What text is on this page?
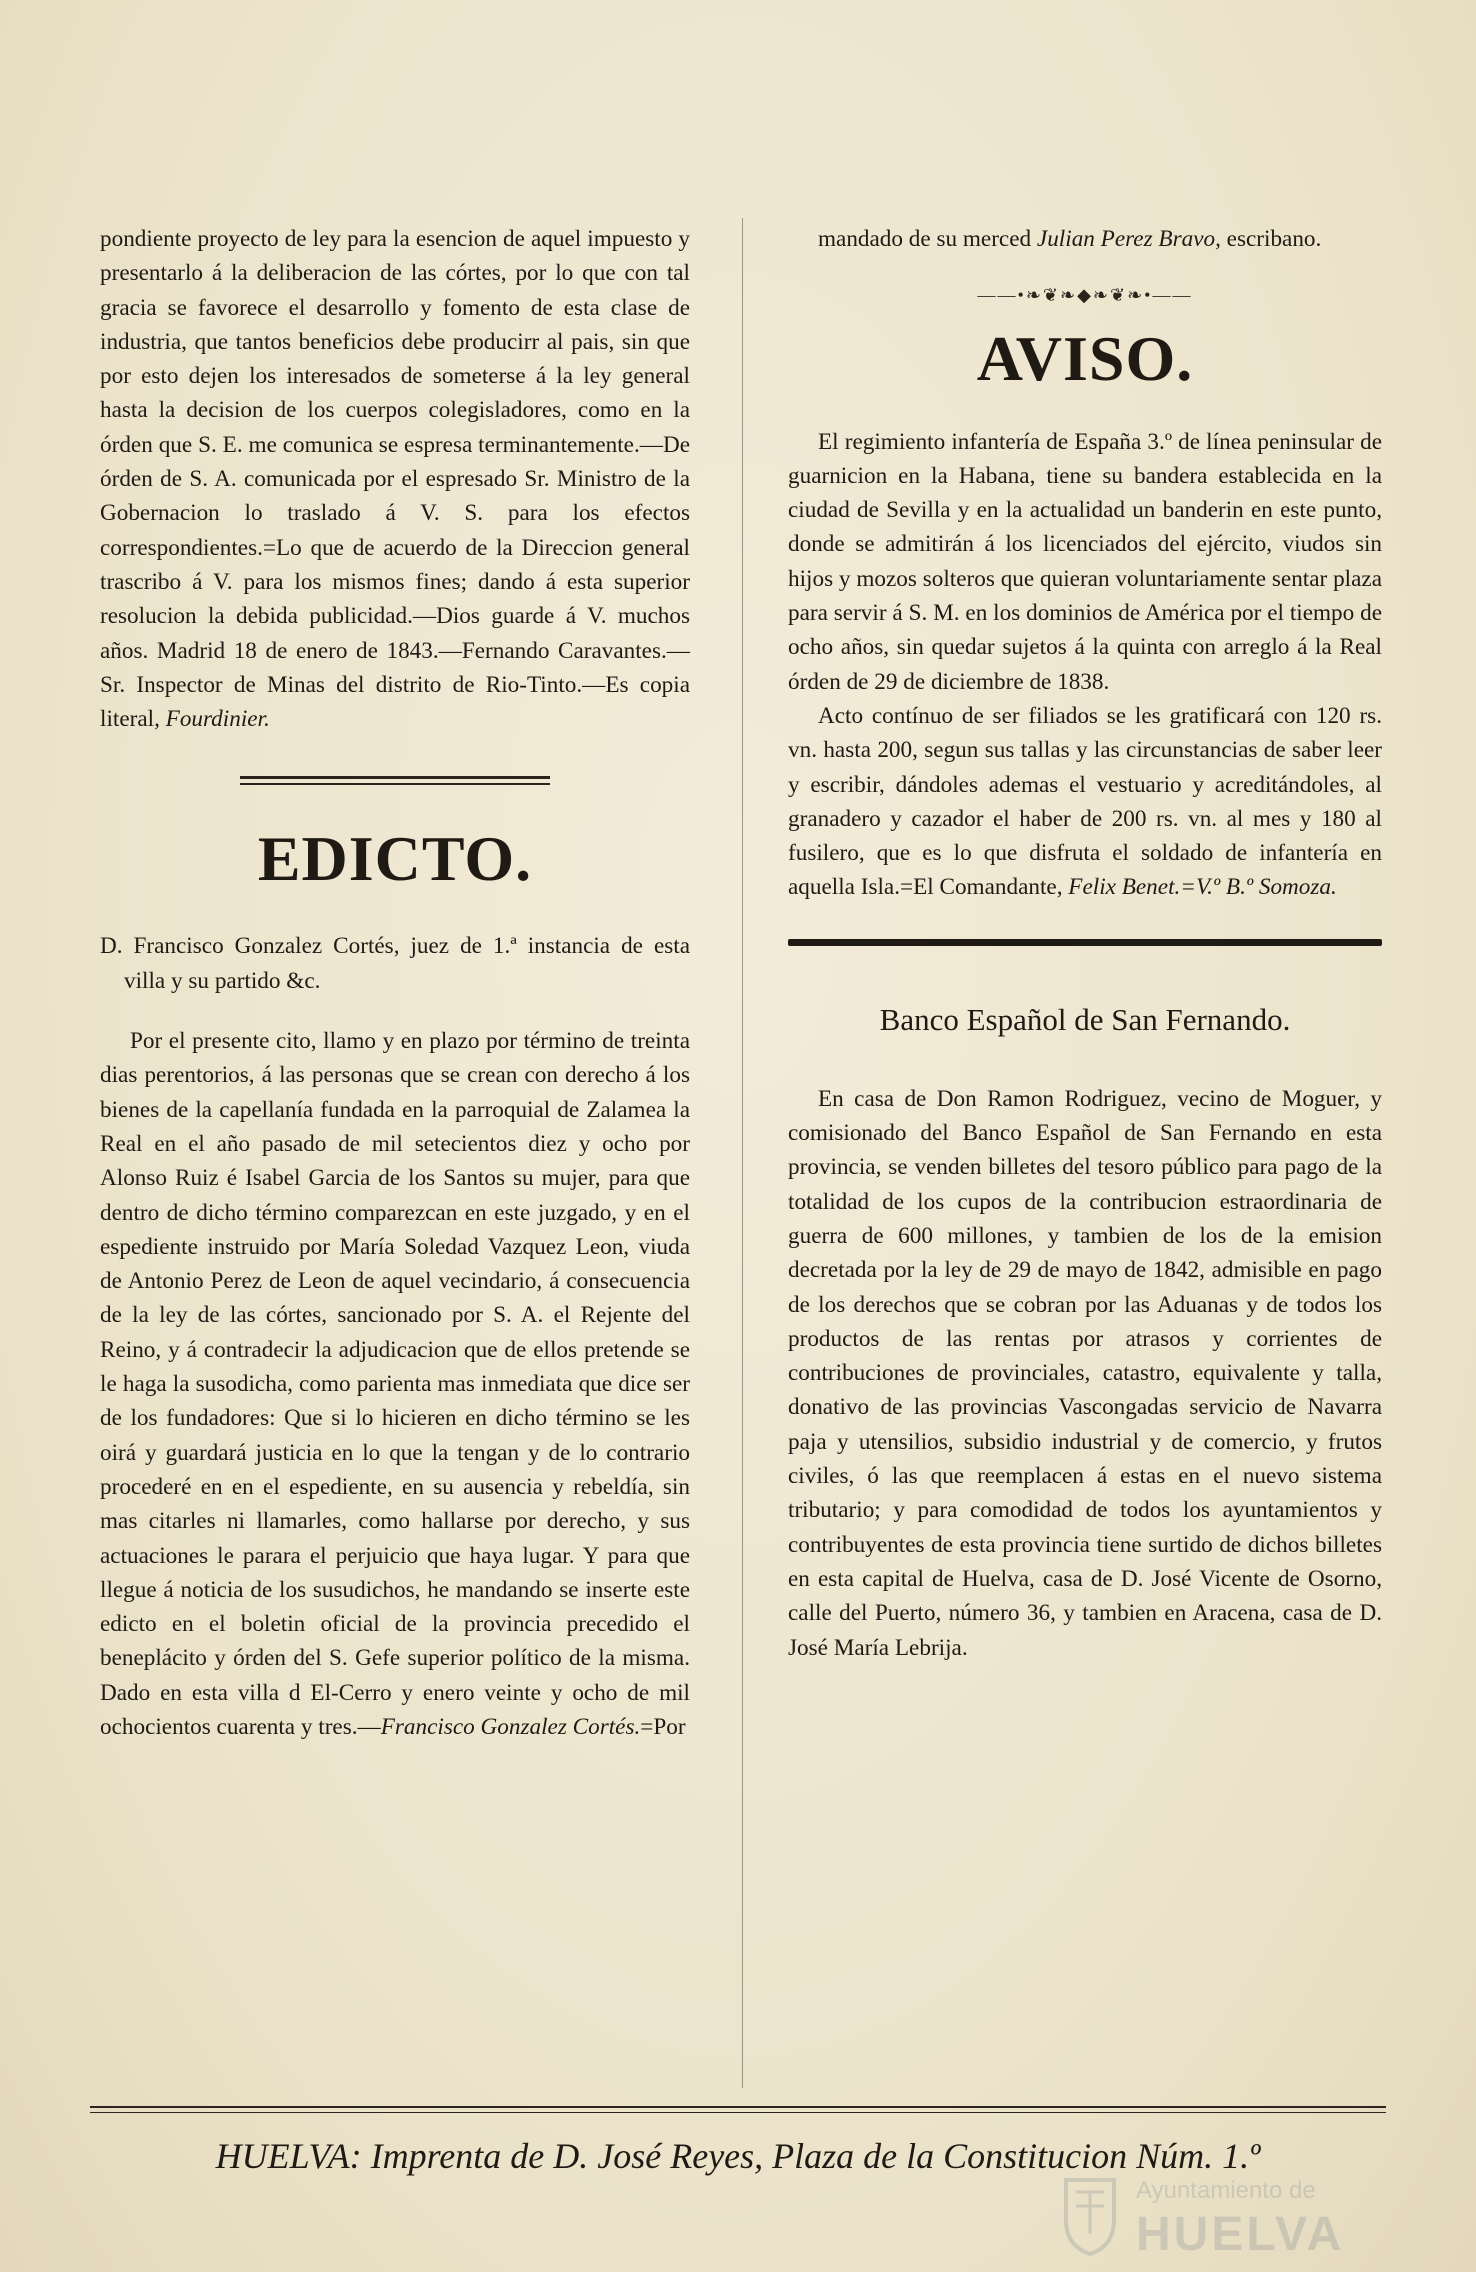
pondiente proyecto de ley para la esencion de aquel impuesto y presentarlo á la deliberacion de las córtes, por lo que con tal gracia se favorece el desarrollo y fomento de esta clase de industria, que tantos beneficios debe producirr al pais, sin que por esto dejen los interesados de someterse á la ley general hasta la decision de los cuerpos colegisladores, como en la órden que S. E. me comunica se espresa terminantemente.—De órden de S. A. comunicada por el espresado Sr. Ministro de la Gobernacion lo traslado á V. S. para los efectos correspondientes.=Lo que de acuerdo de la Direccion general trascribo á V. para los mismos fines; dando á esta superior resolucion la debida publicidad.—Dios guarde á V. muchos años. Madrid 18 de enero de 1843.—Fernando Caravantes.—Sr. Inspector de Minas del distrito de Rio-Tinto.—Es copia literal, Fourdinier.

EDICTO.

D. Francisco Gonzalez Cortés, juez de 1.ª instancia de esta villa y su partido &c.

Por el presente cito, llamo y en plazo por término de treinta dias perentorios, á las personas que se crean con derecho á los bienes de la capellanía fundada en la parroquial de Zalamea la Real en el año pasado de mil setecientos diez y ocho por Alonso Ruiz é Isabel Garcia de los Santos su mujer, para que dentro de dicho término comparezcan en este juzgado, y en el espediente instruido por María Soledad Vazquez Leon, viuda de Antonio Perez de Leon de aquel vecindario, á consecuencia de la ley de las córtes, sancionado por S. A. el Rejente del Reino, y á contradecir la adjudicacion que de ellos pretende se le haga la susodicha, como parienta mas inmediata que dice ser de los fundadores: Que si lo hicieren en dicho término se les oirá y guardará justicia en lo que la tengan y de lo contrario procederé en en el espediente, en su ausencia y rebeldía, sin mas citarles ni llamarles, como hallarse por derecho, y sus actuaciones le parara el perjuicio que haya lugar. Y para que llegue á noticia de los susudichos, he mandando se inserte este edicto en el boletin oficial de la provincia precedido el beneplácito y órden del S. Gefe superior político de la misma. Dado en esta villa d El-Cerro y enero veinte y ocho de mil ochocientos cuarenta y tres.—Francisco Gonzalez Cortés.=Por

mandado de su merced Julian Perez Bravo, escribano.

——•❧❦❧◆❧❦❧•——
AVISO.

El regimiento infantería de España 3.º de línea peninsular de guarnicion en la Habana, tiene su bandera establecida en la ciudad de Sevilla y en la actualidad un banderin en este punto, donde se admitirán á los licenciados del ejército, viudos sin hijos y mozos solteros que quieran voluntariamente sentar plaza para servir á S. M. en los dominios de América por el tiempo de ocho años, sin quedar sujetos á la quinta con arreglo á la Real órden de 29 de diciembre de 1838.

Acto contínuo de ser filiados se les gratificará con 120 rs. vn. hasta 200, segun sus tallas y las circunstancias de saber leer y escribir, dándoles ademas el vestuario y acreditándoles, al granadero y cazador el haber de 200 rs. vn. al mes y 180 al fusilero, que es lo que disfruta el soldado de infantería en aquella Isla.=El Comandante, Felix Benet.=V.º B.º Somoza.

Banco Español de San Fernando.

En casa de Don Ramon Rodriguez, vecino de Moguer, y comisionado del Banco Español de San Fernando en esta provincia, se venden billetes del tesoro público para pago de la totalidad de los cupos de la contribucion estraordinaria de guerra de 600 millones, y tambien de los de la emision decretada por la ley de 29 de mayo de 1842, admisible en pago de los derechos que se cobran por las Aduanas y de todos los productos de las rentas por atrasos y corrientes de contribuciones de provinciales, catastro, equivalente y talla, donativo de las provincias Vascongadas servicio de Navarra paja y utensilios, subsidio industrial y de comercio, y frutos civiles, ó las que reemplacen á estas en el nuevo sistema tributario; y para comodidad de todos los ayuntamientos y contribuyentes de esta provincia tiene surtido de dichos billetes en esta capital de Huelva, casa de D. José Vicente de Osorno, calle del Puerto, número 36, y tambien en Aracena, casa de D. José María Lebrija.

HUELVA: Imprenta de D. José Reyes, Plaza de la Constitucion Núm. 1.º
Ayuntamiento de
HUELVA
